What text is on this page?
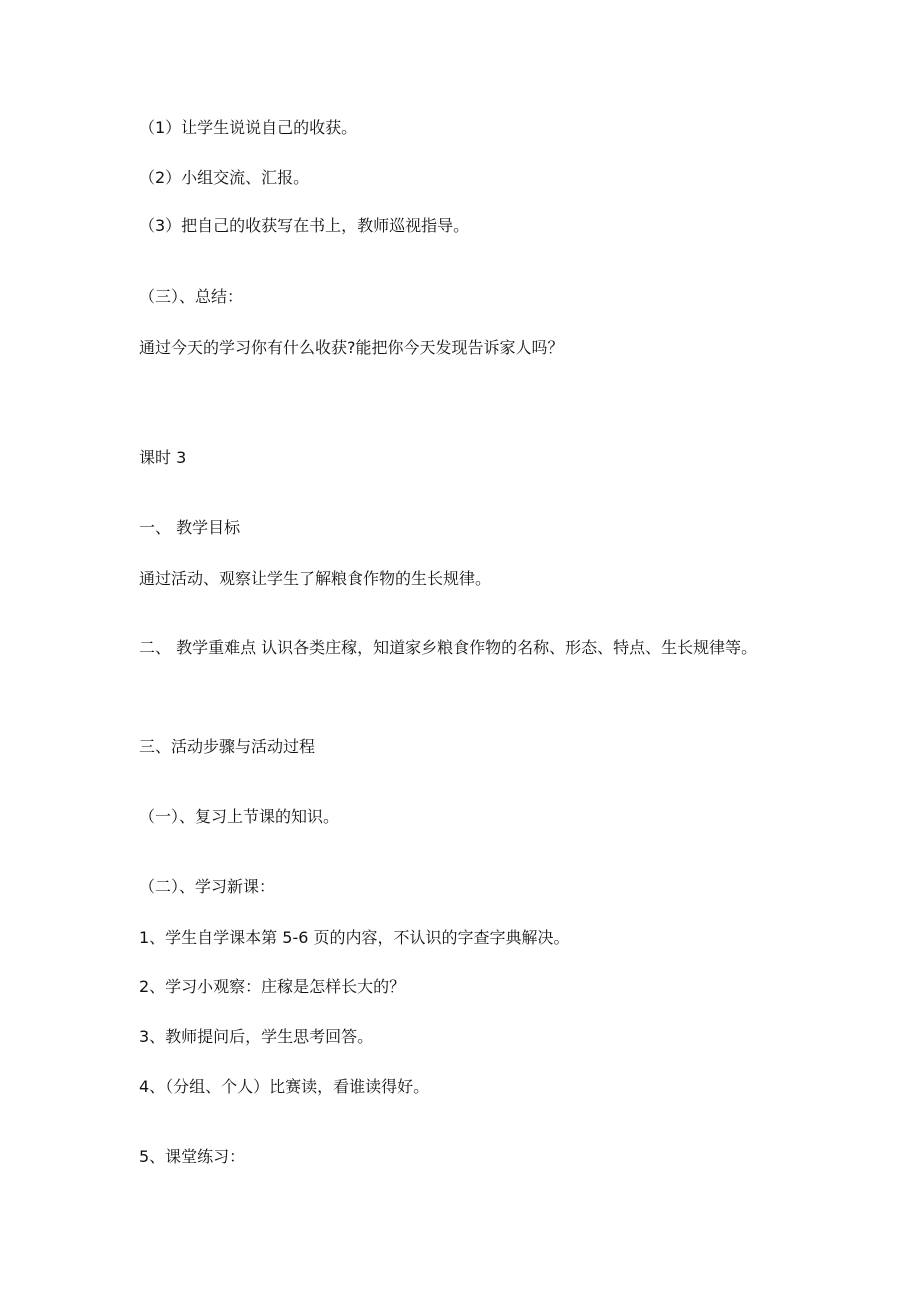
（1）让学生说说自己的收获。
（2）小组交流、汇报。
（3）把自己的收获写在书上，教师巡视指导。
（三）、总结：
通过今天的学习你有什么收获?能把你今天发现告诉家人吗？
课时 3
一、 教学目标
通过活动、观察让学生了解粮食作物的生长规律。
二、 教学重难点 认识各类庄稼，知道家乡粮食作物的名称、形态、特点、生长规律等。
三、活动步骤与活动过程
（一）、复习上节课的知识。
（二）、学习新课：
1、学生自学课本第 5-6 页的内容，不认识的字查字典解决。
2、学习小观察：庄稼是怎样长大的？
3、教师提问后，学生思考回答。
4、（分组、个人）比赛读，看谁读得好。
5、课堂练习：
